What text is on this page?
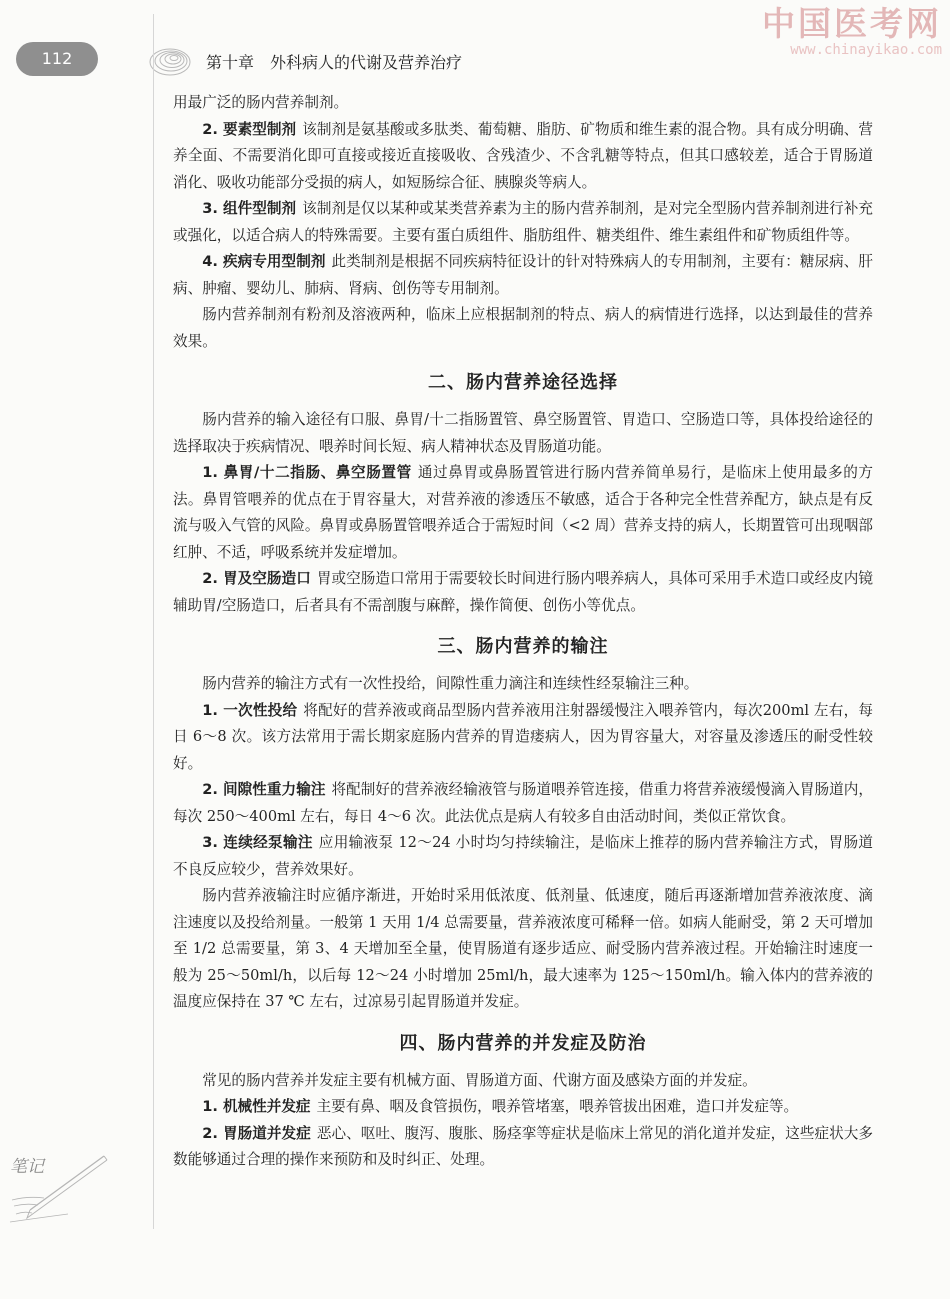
112	第十章　外科病人的代谢及营养治疗
中国医考网
www.chinayikao.com

用最广泛的肠内营养制剂。

2. 要素型制剂 该制剂是氨基酸或多肽类、葡萄糖、脂肪、矿物质和维生素的混合物。具有成分明确、营养全面、不需要消化即可直接或接近直接吸收、含残渣少、不含乳糖等特点，但其口感较差，适合于胃肠道消化、吸收功能部分受损的病人，如短肠综合征、胰腺炎等病人。

3. 组件型制剂 该制剂是仅以某种或某类营养素为主的肠内营养制剂，是对完全型肠内营养制剂进行补充或强化，以适合病人的特殊需要。主要有蛋白质组件、脂肪组件、糖类组件、维生素组件和矿物质组件等。

4. 疾病专用型制剂 此类制剂是根据不同疾病特征设计的针对特殊病人的专用制剂，主要有：糖尿病、肝病、肿瘤、婴幼儿、肺病、肾病、创伤等专用制剂。

肠内营养制剂有粉剂及溶液两种，临床上应根据制剂的特点、病人的病情进行选择，以达到最佳的营养效果。

二、肠内营养途径选择

肠内营养的输入途径有口服、鼻胃/十二指肠置管、鼻空肠置管、胃造口、空肠造口等，具体投给途径的选择取决于疾病情况、喂养时间长短、病人精神状态及胃肠道功能。

1. 鼻胃/十二指肠、鼻空肠置管 通过鼻胃或鼻肠置管进行肠内营养简单易行，是临床上使用最多的方法。鼻胃管喂养的优点在于胃容量大，对营养液的渗透压不敏感，适合于各种完全性营养配方，缺点是有反流与吸入气管的风险。鼻胃或鼻肠置管喂养适合于需短时间（<2 周）营养支持的病人，长期置管可出现咽部红肿、不适，呼吸系统并发症增加。

2. 胃及空肠造口 胃或空肠造口常用于需要较长时间进行肠内喂养病人，具体可采用手术造口或经皮内镜辅助胃/空肠造口，后者具有不需剖腹与麻醉，操作简便、创伤小等优点。

三、肠内营养的输注

肠内营养的输注方式有一次性投给，间隙性重力滴注和连续性经泵输注三种。

1. 一次性投给 将配好的营养液或商品型肠内营养液用注射器缓慢注入喂养管内，每次200ml 左右，每日 6～8 次。该方法常用于需长期家庭肠内营养的胃造瘘病人，因为胃容量大，对容量及渗透压的耐受性较好。

2. 间隙性重力输注 将配制好的营养液经输液管与肠道喂养管连接，借重力将营养液缓慢滴入胃肠道内，每次 250～400ml 左右，每日 4～6 次。此法优点是病人有较多自由活动时间，类似正常饮食。

3. 连续经泵输注 应用输液泵 12～24 小时均匀持续输注，是临床上推荐的肠内营养输注方式，胃肠道不良反应较少，营养效果好。

肠内营养液输注时应循序渐进，开始时采用低浓度、低剂量、低速度，随后再逐渐增加营养液浓度、滴注速度以及投给剂量。一般第 1 天用 1/4 总需要量，营养液浓度可稀释一倍。如病人能耐受，第 2 天可增加至 1/2 总需要量，第 3、4 天增加至全量，使胃肠道有逐步适应、耐受肠内营养液过程。开始输注时速度一般为 25～50ml/h，以后每 12～24 小时增加 25ml/h，最大速率为 125～150ml/h。输入体内的营养液的温度应保持在 37 ℃ 左右，过凉易引起胃肠道并发症。

四、肠内营养的并发症及防治

常见的肠内营养并发症主要有机械方面、胃肠道方面、代谢方面及感染方面的并发症。

1. 机械性并发症 主要有鼻、咽及食管损伤，喂养管堵塞，喂养管拔出困难，造口并发症等。

2. 胃肠道并发症 恶心、呕吐、腹泻、腹胀、肠痉挛等症状是临床上常见的消化道并发症，这些症状大多数能够通过合理的操作来预防和及时纠正、处理。

笔记
